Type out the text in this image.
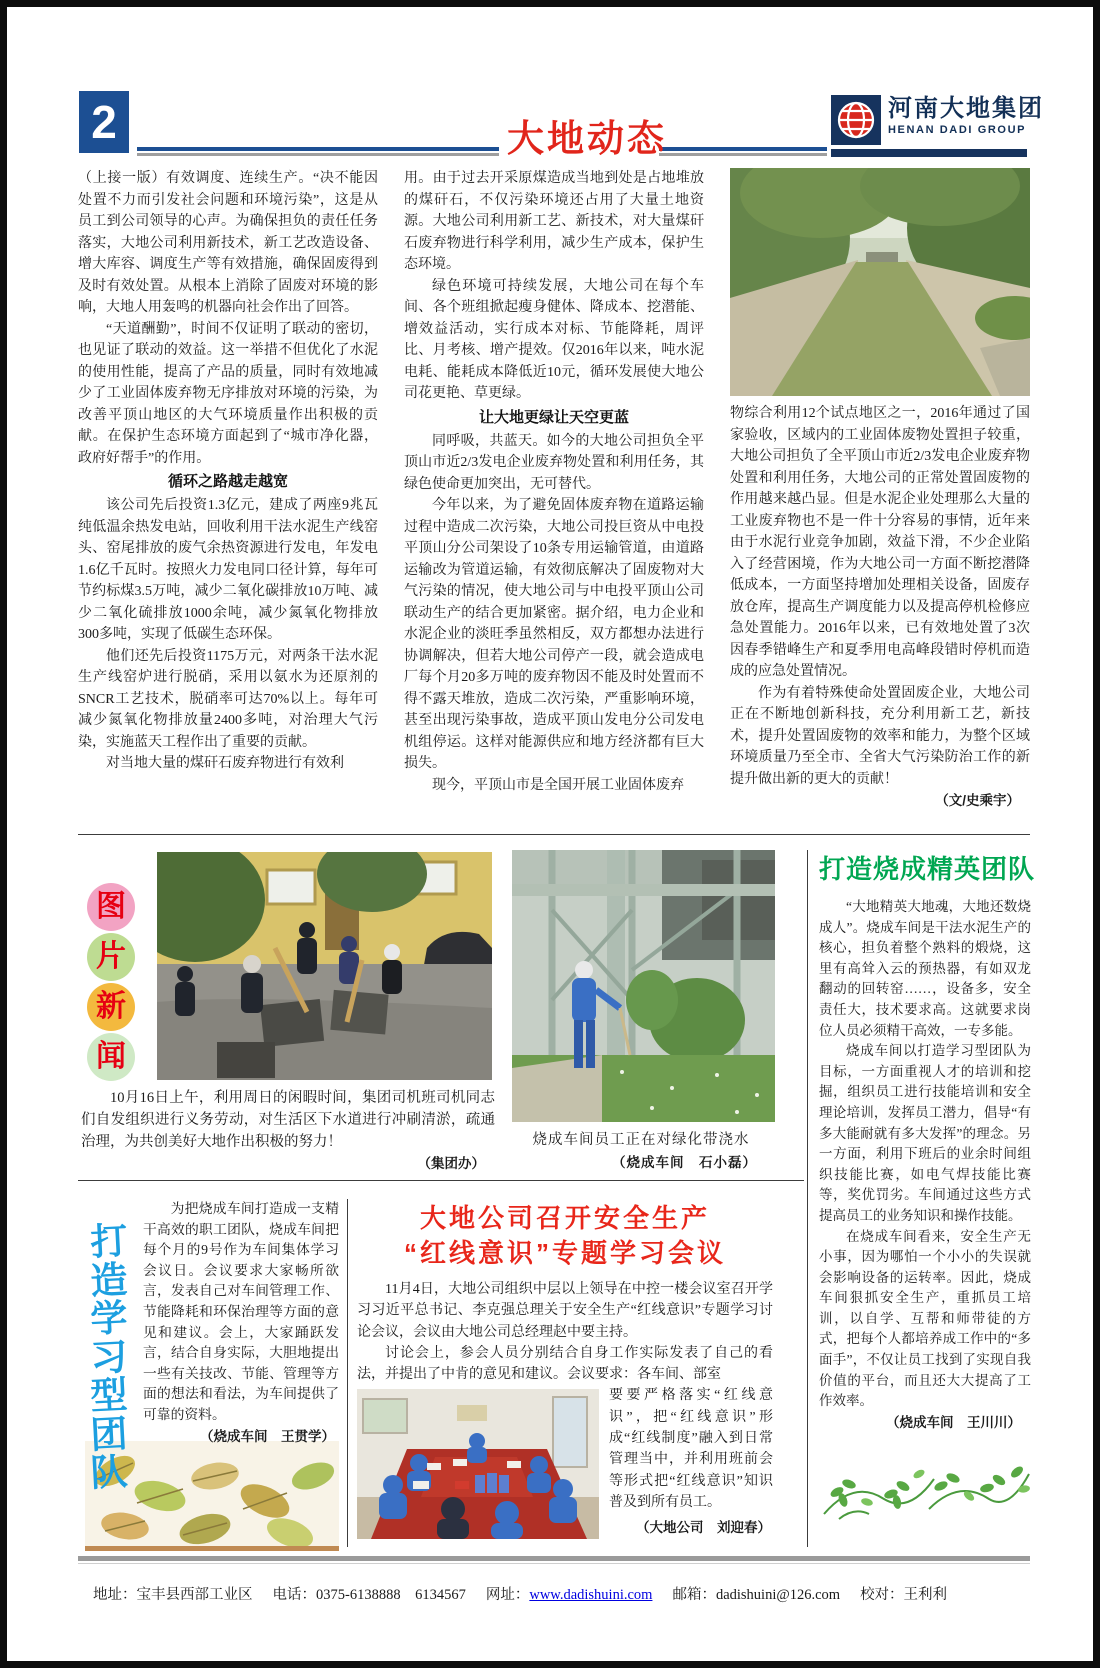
2	大地动态
河南大地集团
HENAN DADI GROUP

（上接一版）有效调度、连续生产。“决不能因处置不力而引发社会问题和环境污染”，这是从员工到公司领导的心声。为确保担负的责任任务落实，大地公司利用新技术，新工艺改造设备、增大库容、调度生产等有效措施，确保固废得到及时有效处置。从根本上消除了固废对环境的影响，大地人用轰鸣的机器向社会作出了回答。

“天道酬勤”，时间不仅证明了联动的密切，也见证了联动的效益。这一举措不但优化了水泥的使用性能，提高了产品的质量，同时有效地减少了工业固体废弃物无序排放对环境的污染，为改善平顶山地区的大气环境质量作出积极的贡献。在保护生态环境方面起到了“城市净化器，政府好帮手”的作用。

循环之路越走越宽

该公司先后投资1.3亿元，建成了两座9兆瓦纯低温余热发电站，回收利用干法水泥生产线窑头、窑尾排放的废气余热资源进行发电，年发电1.6亿千瓦时。按照火力发电同口径计算，每年可节约标煤3.5万吨，减少二氧化碳排放10万吨、减少二氧化硫排放1000余吨，减少氮氧化物排放300多吨，实现了低碳生态环保。

他们还先后投资1175万元，对两条干法水泥生产线窑炉进行脱硝，采用以氨水为还原剂的SNCR工艺技术，脱硝率可达70%以上。每年可减少氮氧化物排放量2400多吨，对治理大气污染，实施蓝天工程作出了重要的贡献。

对当地大量的煤矸石废弃物进行有效利

用。由于过去开采原煤造成当地到处是占地堆放的煤矸石，不仅污染环境还占用了大量土地资源。大地公司利用新工艺、新技术，对大量煤矸石废弃物进行科学利用，减少生产成本，保护生态环境。

绿色环境可持续发展，大地公司在每个车间、各个班组掀起瘦身健体、降成本、挖潜能、增效益活动，实行成本对标、节能降耗，周评比、月考核、增产提效。仅2016年以来，吨水泥电耗、能耗成本降低近10元，循环发展使大地公司花更艳、草更绿。

让大地更绿让天空更蓝

同呼吸，共蓝天。如今的大地公司担负全平顶山市近2/3发电企业废弃物处置和利用任务，其绿色使命更加突出，无可替代。

今年以来，为了避免固体废弃物在道路运输过程中造成二次污染，大地公司投巨资从中电投平顶山分公司架设了10条专用运输管道，由道路运输改为管道运输，有效彻底解决了固废物对大气污染的情况，使大地公司与中电投平顶山公司联动生产的结合更加紧密。据介绍，电力企业和水泥企业的淡旺季虽然相反，双方都想办法进行协调解决，但若大地公司停产一段，就会造成电厂每个月20多万吨的废弃物因不能及时处置而不得不露天堆放，造成二次污染，严重影响环境，甚至出现污染事故，造成平顶山发电分公司发电机组停运。这样对能源供应和地方经济都有巨大损失。

现今，平顶山市是全国开展工业固体废弃

物综合利用12个试点地区之一，2016年通过了国家验收，区域内的工业固体废物处置担子较重，大地公司担负了全平顶山市近2/3发电企业废弃物处置和利用任务，大地公司的正常处置固废物的作用越来越凸显。但是水泥企业处理那么大量的工业废弃物也不是一件十分容易的事情，近年来由于水泥行业竞争加剧，效益下滑，不少企业陷入了经营困境，作为大地公司一方面不断挖潜降低成本，一方面坚持增加处理相关设备，固废存放仓库，提高生产调度能力以及提高停机检修应急处置能力。2016年以来，已有效地处置了3次因春季错峰生产和夏季用电高峰段错时停机而造成的应急处置情况。

作为有着特殊使命处置固废企业，大地公司正在不断地创新科技，充分利用新工艺，新技术，提升处置固废物的效率和能力，为整个区域环境质量乃至全市、全省大气污染防治工作的新提升做出新的更大的贡献！

（文/史乘宇）
图
片
新
闻

10月16日上午，利用周日的闲暇时间，集团司机班司机同志们自发组织进行义务劳动，对生活区下水道进行冲刷清淤，疏通治理，为共创美好大地作出积极的努力！

（集团办）
烧成车间员工正在对绿化带浇水
（烧成车间　石小磊）
打造烧成精英团队

“大地精英大地魂，大地还数烧成人”。烧成车间是干法水泥生产的核心，担负着整个熟料的煅烧，这里有高耸入云的预热器，有如双龙翻动的回转窑……，设备多，安全责任大，技术要求高。这就要求岗位人员必须精干高效，一专多能。

烧成车间以打造学习型团队为目标，一方面重视人才的培训和挖掘，组织员工进行技能培训和安全理论培训，发挥员工潜力，倡导“有多大能耐就有多大发挥”的理念。另一方面，利用下班后的业余时间组织技能比赛，如电气焊技能比赛等，奖优罚劣。车间通过这些方式提高员工的业务知识和操作技能。

在烧成车间看来，安全生产无小事，因为哪怕一个小小的失误就会影响设备的运转率。因此，烧成车间狠抓安全生产，重抓员工培训，以自学、互帮和师带徒的方式，把每个人都培养成工作中的“多面手”，不仅让员工找到了实现自我价值的平台，而且还大大提高了工作效率。

（烧成车间　王川川）
打
造
学
习
型
团
队

为把烧成车间打造成一支精干高效的职工团队，烧成车间把每个月的9号作为车间集体学习会议日。会议要求大家畅所欲言，发表自己对车间管理工作、节能降耗和环保治理等方面的意见和建议。会上，大家踊跃发言，结合自身实际，大胆地提出一些有关技改、节能、管理等方面的想法和看法，为车间提供了可靠的资料。

（烧成车间　王贯学）
大地公司召开安全生产
“红线意识”专题学习会议

11月4日，大地公司组织中层以上领导在中控一楼会议室召开学习习近平总书记、李克强总理关于安全生产“红线意识”专题学习讨论会议，会议由大地公司总经理赵中要主持。

讨论会上，参会人员分别结合自身工作实际发表了自己的看法，并提出了中肯的意见和建议。会议要求：各车间、部室

要要严格落实“红线意识”，把“红线意识”形成“红线制度”融入到日常管理当中，并利用班前会等形式把“红线意识”知识普及到所有员工。
（大地公司　刘迎春）
地址：宝丰县西部工业区 电话：0375-6138888　6134567 网址：www.dadishuini.com 邮箱：dadishuini@126.com 校对：王利利
